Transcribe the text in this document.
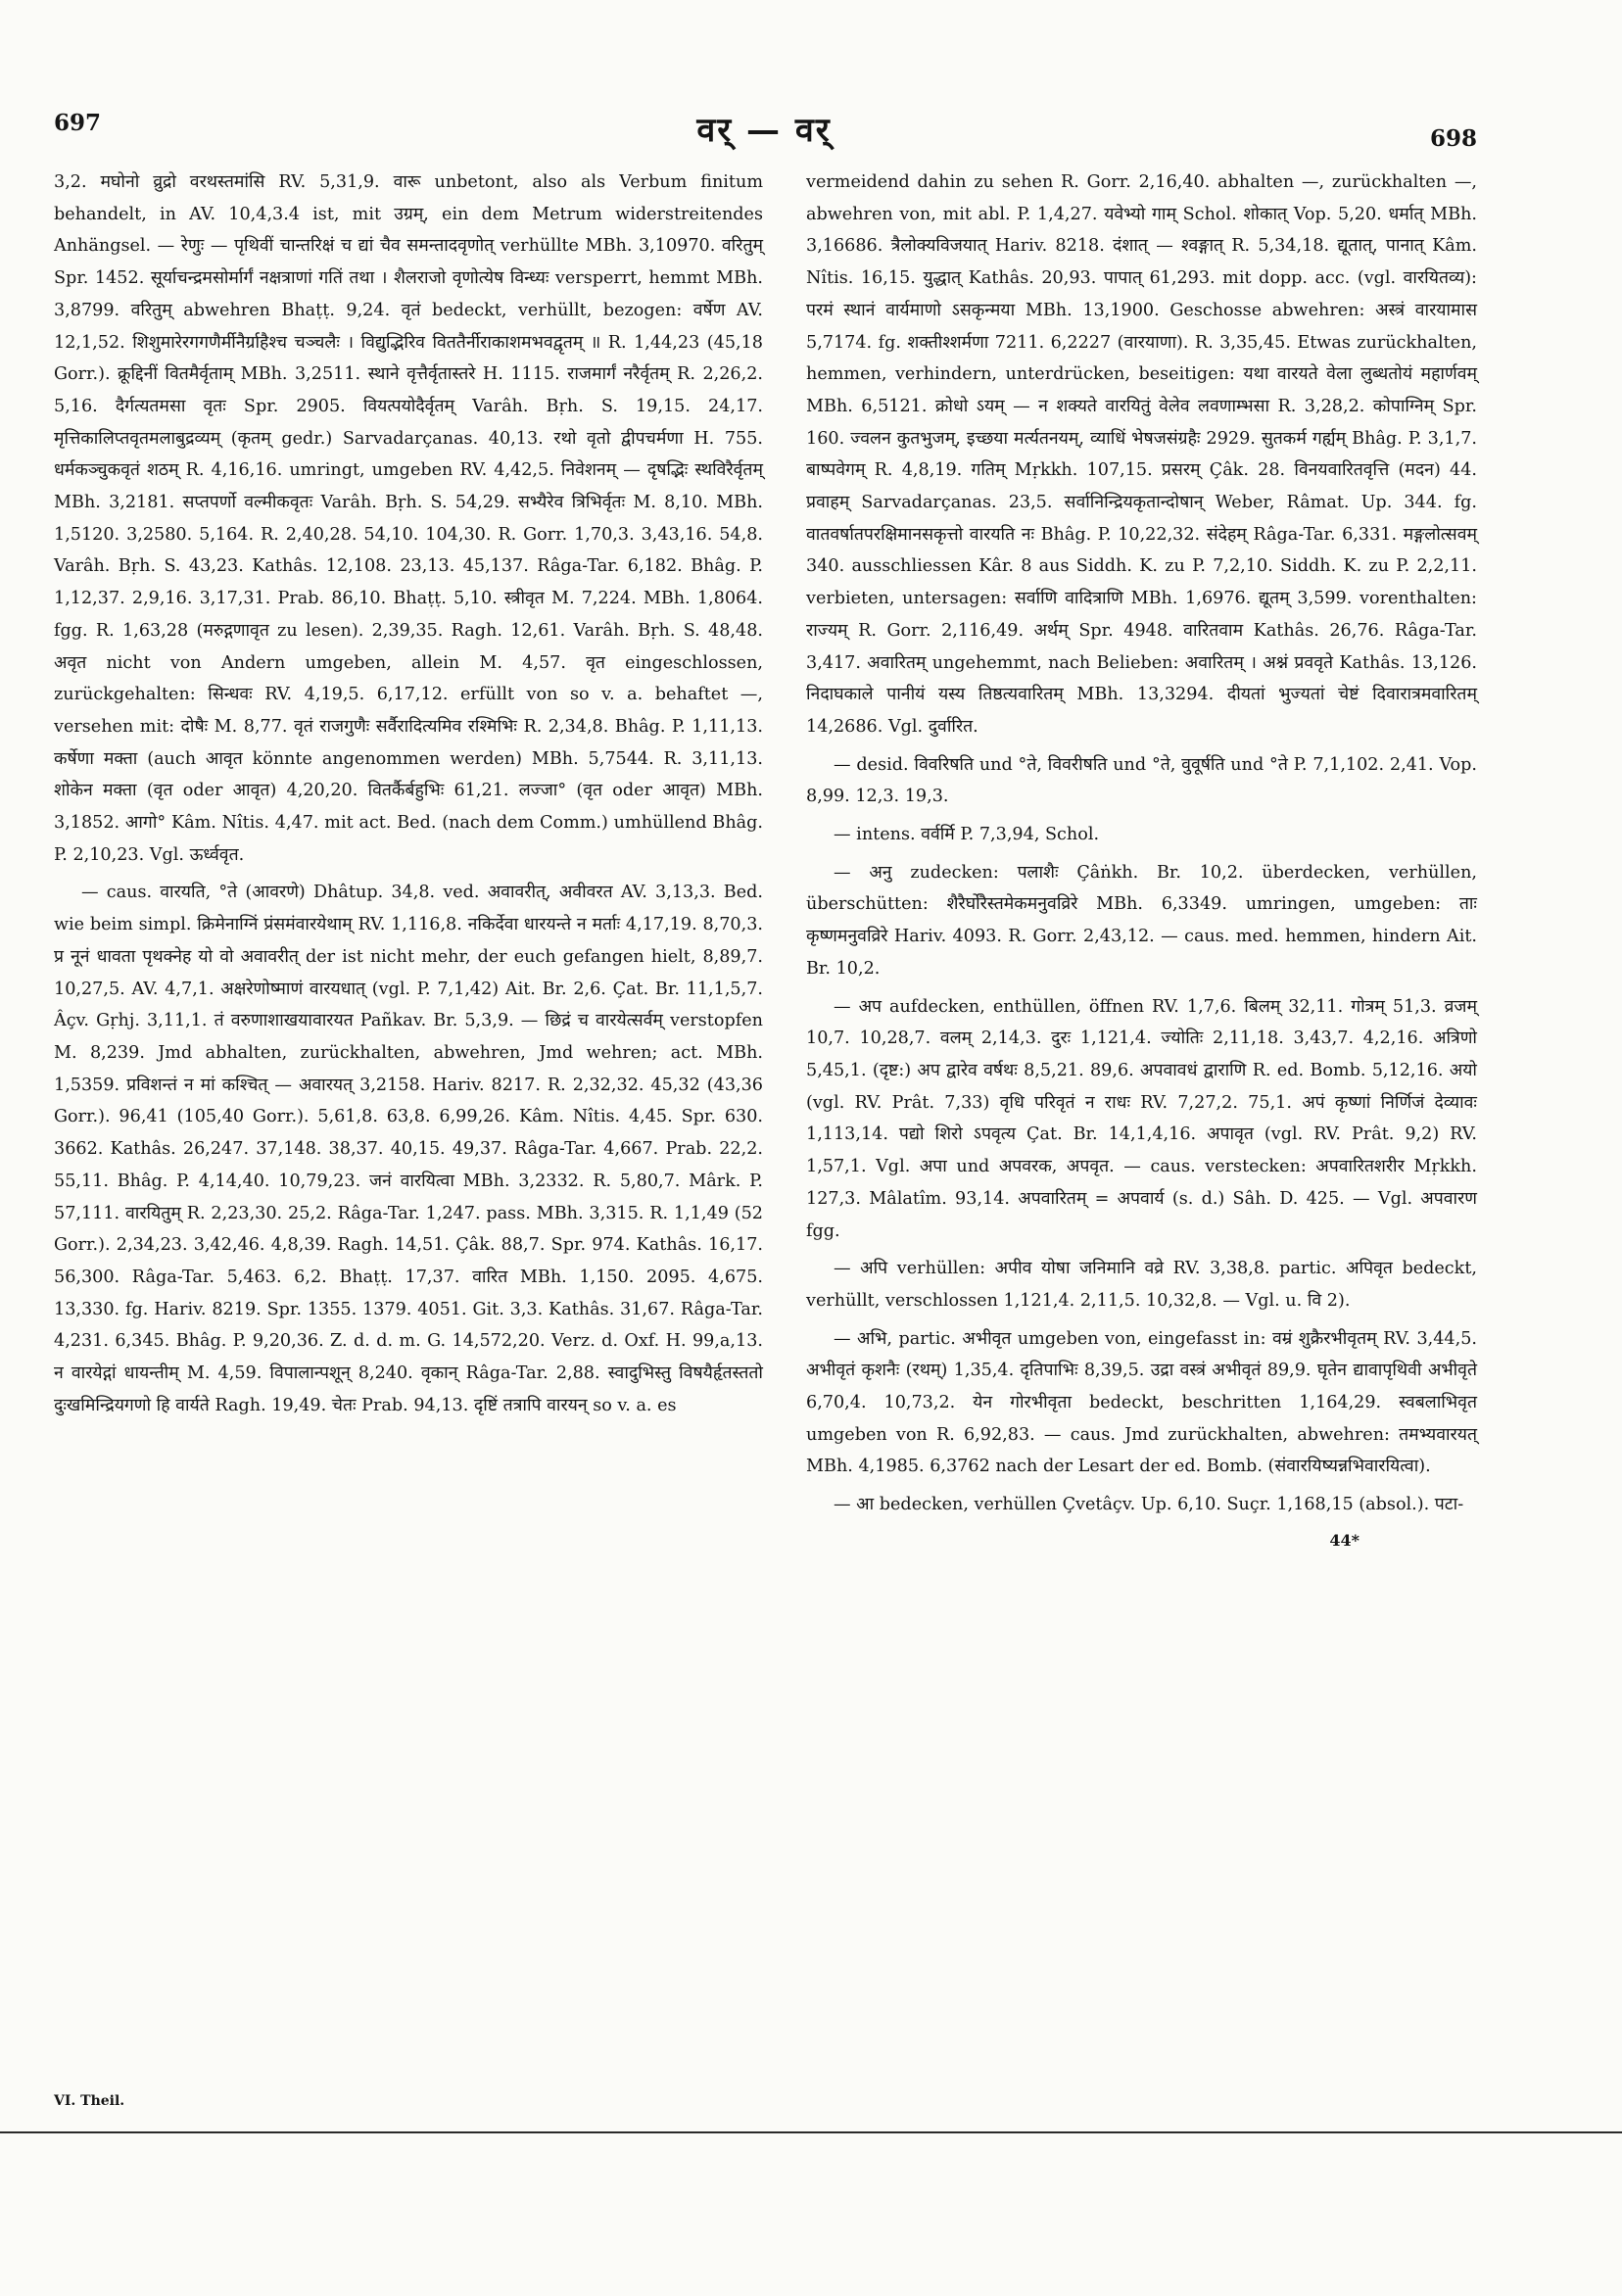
697	वर् — वर्	698

3,2. मघोनो व्रुद्रो वरथस्तमांसि RV. 5,31,9. वारू unbetont, also als Verbum finitum behandelt, in AV. 10,4,3.4 ist, mit उग्रम्, ein dem Metrum widerstreitendes Anhängsel. — रेणुः — पृथिवीं चान्तरिक्षं च द्यां चैव समन्तादवृणोत् verhüllte MBh. 3,10970. वरितुम् Spr. 1452. सूर्याचन्द्रमसोर्मार्गं नक्षत्राणां गतिं तथा । शैलराजो वृणोत्येष विन्ध्यः versperrt, hemmt MBh. 3,8799. वरितुम् abwehren Bhaṭṭ. 9,24. वृतं bedeckt, verhüllt, bezogen: वर्षेण AV. 12,1,52. शिशुमारेरगगणैर्मीनैर्ग्राहैश्च चञ्चलैः । विद्युद्भिरिव विततैर्नीराकाशमभवद्वृतम् ॥ R. 1,44,23 (45,18 Gorr.). क्रूद्दिनीं वितमैर्वृताम् MBh. 3,2511. स्थाने वृत्तैर्वृतास्तरे H. 1115. राजमार्गं नरैर्वृतम् R. 2,26,2. 5,16. दैर्गत्यतमसा वृतः Spr. 2905. वियत्पयोदैर्वृतम् Varâh. Bṛh. S. 19,15. 24,17. मृत्तिकालिप्तवृतमलाबुद्रव्यम् (कृतम् gedr.) Sarvadarçanas. 40,13. रथो वृतो द्वीपचर्मणा H. 755. धर्मकञ्चुकवृतं शठम् R. 4,16,16. umringt, umgeben RV. 4,42,5. निवेशनम् — दृषद्भिः स्थविरैर्वृतम् MBh. 3,2181. सप्तपर्णो वल्मीकवृतः Varâh. Bṛh. S. 54,29. सभ्यैरेव त्रिभिर्वृतः M. 8,10. MBh. 1,5120. 3,2580. 5,164. R. 2,40,28. 54,10. 104,30. R. Gorr. 1,70,3. 3,43,16. 54,8. Varâh. Bṛh. S. 43,23. Kathâs. 12,108. 23,13. 45,137. Râga-Tar. 6,182. Bhâg. P. 1,12,37. 2,9,16. 3,17,31. Prab. 86,10. Bhaṭṭ. 5,10. स्त्रीवृत M. 7,224. MBh. 1,8064. fgg. R. 1,63,28 (मरुद्गणावृत zu lesen). 2,39,35. Ragh. 12,61. Varâh. Bṛh. S. 48,48. अवृत nicht von Andern umgeben, allein M. 4,57. वृत eingeschlossen, zurückgehalten: सिन्धवः RV. 4,19,5. 6,17,12. erfüllt von so v. a. behaftet —, versehen mit: दोषैः M. 8,77. वृतं राजगुणैः सर्वैरादित्यमिव रश्मिभिः R. 2,34,8. Bhâg. P. 1,11,13. कर्षेणा मक्ता (auch आवृत könnte angenommen werden) MBh. 5,7544. R. 3,11,13. शोकेन मक्ता (वृत oder आवृत) 4,20,20. वितर्कैर्बहुभिः 61,21. लज्जा° (वृत oder आवृत) MBh. 3,1852. आगो° Kâm. Nîtis. 4,47. mit act. Bed. (nach dem Comm.) umhüllend Bhâg. P. 2,10,23. Vgl. ऊर्ध्ववृत.

— caus. वारयति, °ते (आवरणे) Dhâtup. 34,8. ved. अवावरीत्, अवीवरत AV. 3,13,3. Bed. wie beim simpl. क्रिमेनाग्निं प्रंसमंवारयेथाम् RV. 1,116,8. नकिर्देवा धारयन्ते न मर्ताः 4,17,19. 8,70,3. प्र नूनं धावता पृथक्नेह यो वो अवावरीत् der ist nicht mehr, der euch gefangen hielt, 8,89,7. 10,27,5. AV. 4,7,1. अक्षरेणोष्माणं वारयधात् (vgl. P. 7,1,42) Ait. Br. 2,6. Çat. Br. 11,1,5,7. Âçv. Gṛhj. 3,11,1. तं वरुणाशाखयावारयत Pañkav. Br. 5,3,9. — छिद्रं च वारयेत्सर्वम् verstopfen M. 8,239. Jmd abhalten, zurückhalten, abwehren, Jmd wehren; act. MBh. 1,5359. प्रविशन्तं न मां कश्चित् — अवारयत् 3,2158. Hariv. 8217. R. 2,32,32. 45,32 (43,36 Gorr.). 96,41 (105,40 Gorr.). 5,61,8. 63,8. 6,99,26. Kâm. Nîtis. 4,45. Spr. 630. 3662. Kathâs. 26,247. 37,148. 38,37. 40,15. 49,37. Râga-Tar. 4,667. Prab. 22,2. 55,11. Bhâg. P. 4,14,40. 10,79,23. जनं वारयित्वा MBh. 3,2332. R. 5,80,7. Mârk. P. 57,111. वारयितुम् R. 2,23,30. 25,2. Râga-Tar. 1,247. pass. MBh. 3,315. R. 1,1,49 (52 Gorr.). 2,34,23. 3,42,46. 4,8,39. Ragh. 14,51. Çâk. 88,7. Spr. 974. Kathâs. 16,17. 56,300. Râga-Tar. 5,463. 6,2. Bhaṭṭ. 17,37. वारित MBh. 1,150. 2095. 4,675. 13,330. fg. Hariv. 8219. Spr. 1355. 1379. 4051. Git. 3,3. Kathâs. 31,67. Râga-Tar. 4,231. 6,345. Bhâg. P. 9,20,36. Z. d. d. m. G. 14,572,20. Verz. d. Oxf. H. 99,a,13. न वारयेद्गां धायन्तीम् M. 4,59. विपालान्पशून् 8,240. वृकान् Râga-Tar. 2,88. स्वादुभिस्तु विषयैर्हृतस्ततो दुःखमिन्द्रियगणो हि वार्यते Ragh. 19,49. चेतः Prab. 94,13. दृष्टिं तत्रापि वारयन् so v. a. es

vermeidend dahin zu sehen R. Gorr. 2,16,40. abhalten —, zurückhalten —, abwehren von, mit abl. P. 1,4,27. यवेभ्यो गाम् Schol. शोकात् Vop. 5,20. धर्मात् MBh. 3,16686. त्रैलोक्यविजयात् Hariv. 8218. दंशात् — श्वङ्गात् R. 5,34,18. द्यूतात्, पानात् Kâm. Nîtis. 16,15. युद्धात् Kathâs. 20,93. पापात् 61,293. mit dopp. acc. (vgl. वारयितव्य): परमं स्थानं वार्यमाणो ऽसकृन्मया MBh. 13,1900. Geschosse abwehren: अस्त्रं वारयामास 5,7174. fg. शक्तीश्शर्मणा 7211. 6,2227 (वारयाणा). R. 3,35,45. Etwas zurückhalten, hemmen, verhindern, unterdrücken, beseitigen: यथा वारयते वेला लुब्धतोयं महार्णवम् MBh. 6,5121. क्रोधो ऽयम् — न शक्यते वारयितुं वेलेव लवणाम्भसा R. 3,28,2. कोपाग्निम् Spr. 160. ज्वलन कुतभुजम्, इच्छया मर्त्यतनयम्, व्याधिं भेषजसंग्रहैः 2929. सुतकर्म गर्ह्यम् Bhâg. P. 3,1,7. बाष्पवेगम् R. 4,8,19. गतिम् Mṛkkh. 107,15. प्रसरम् Çâk. 28. विनयवारितवृत्ति (मदन) 44. प्रवाहम् Sarvadarçanas. 23,5. सर्वानिन्द्रियकृतान्दोषान् Weber, Râmat. Up. 344. fg. वातवर्षातपरक्षिमानसकृत्तो वारयति नः Bhâg. P. 10,22,32. संदेहम् Râga-Tar. 6,331. मङ्गलोत्सवम् 340. ausschliessen Kâr. 8 aus Siddh. K. zu P. 7,2,10. Siddh. K. zu P. 2,2,11. verbieten, untersagen: सर्वाणि वादित्राणि MBh. 1,6976. द्यूतम् 3,599. vorenthalten: राज्यम् R. Gorr. 2,116,49. अर्थम् Spr. 4948. वारितवाम Kathâs. 26,76. Râga-Tar. 3,417. अवारितम् ungehemmt, nach Belieben: अवारितम् । अश्नं प्रववृते Kathâs. 13,126. निदाघकाले पानीयं यस्य तिष्ठत्यवारितम् MBh. 13,3294. दीयतां भुज्यतां चेष्टं दिवारात्रमवारितम् 14,2686. Vgl. दुर्वारित.

— desid. विवरिषति und °ते, विवरीषति und °ते, वुवूर्षति und °ते P. 7,1,102. 2,41. Vop. 8,99. 12,3. 19,3.

— intens. वर्वर्मि P. 7,3,94, Schol.

— अनु zudecken: पलाशैः Çâṅkh. Br. 10,2. überdecken, verhüllen, überschütten: शैरैर्घोरैस्तमेकमनुवव्रिरे MBh. 6,3349. umringen, umgeben: ताः कृष्णमनुवव्रिरे Hariv. 4093. R. Gorr. 2,43,12. — caus. med. hemmen, hindern Ait. Br. 10,2.

— अप aufdecken, enthüllen, öffnen RV. 1,7,6. बिलम् 32,11. गोत्रम् 51,3. व्रजम् 10,7. 10,28,7. वलम् 2,14,3. दुरः 1,121,4. ज्योतिः 2,11,18. 3,43,7. 4,2,16. अत्रिणो 5,45,1. (दृष्ट:) अप द्वारेव वर्षथः 8,5,21. 89,6. अपवावधं द्वाराणि R. ed. Bomb. 5,12,16. अयो (vgl. RV. Prât. 7,33) वृधि परिवृतं न राधः RV. 7,27,2. 75,1. अपं कृष्णां निर्णिजं देव्यावः 1,113,14. पद्यो शिरो ऽपवृत्य Çat. Br. 14,1,4,16. अपावृत (vgl. RV. Prât. 9,2) RV. 1,57,1. Vgl. अपा und अपवरक, अपवृत. — caus. verstecken: अपवारितशरीर Mṛkkh. 127,3. Mâlatîm. 93,14. अपवारितम् = अपवार्य (s. d.) Sâh. D. 425. — Vgl. अपवारण fgg.

— अपि verhüllen: अपीव योषा जनिमानि वव्रे RV. 3,38,8. partic. अपिवृत bedeckt, verhüllt, verschlossen 1,121,4. 2,11,5. 10,32,8. — Vgl. u. वि 2).

— अभि, partic. अभीवृत umgeben von, eingefasst in: वम्रं शुक्रैरभीवृतम् RV. 3,44,5. अभीवृतं कृशनैः (रथम्) 1,35,4. दृतिपाभिः 8,39,5. उद्रा वस्त्रं अभीवृतं 89,9. घृतेन द्यावापृथिवी अभीवृते 6,70,4. 10,73,2. येन गोरभीवृता bedeckt, beschritten 1,164,29. स्वबलाभिवृत umgeben von R. 6,92,83. — caus. Jmd zurückhalten, abwehren: तमभ्यवारयत् MBh. 4,1985. 6,3762 nach der Lesart der ed. Bomb. (संवारयिष्यन्नभिवारयित्वा).

— आ bedecken, verhüllen Çvetâçv. Up. 6,10. Suçr. 1,168,15 (absol.). पटा-

44*
VI. Theil.
